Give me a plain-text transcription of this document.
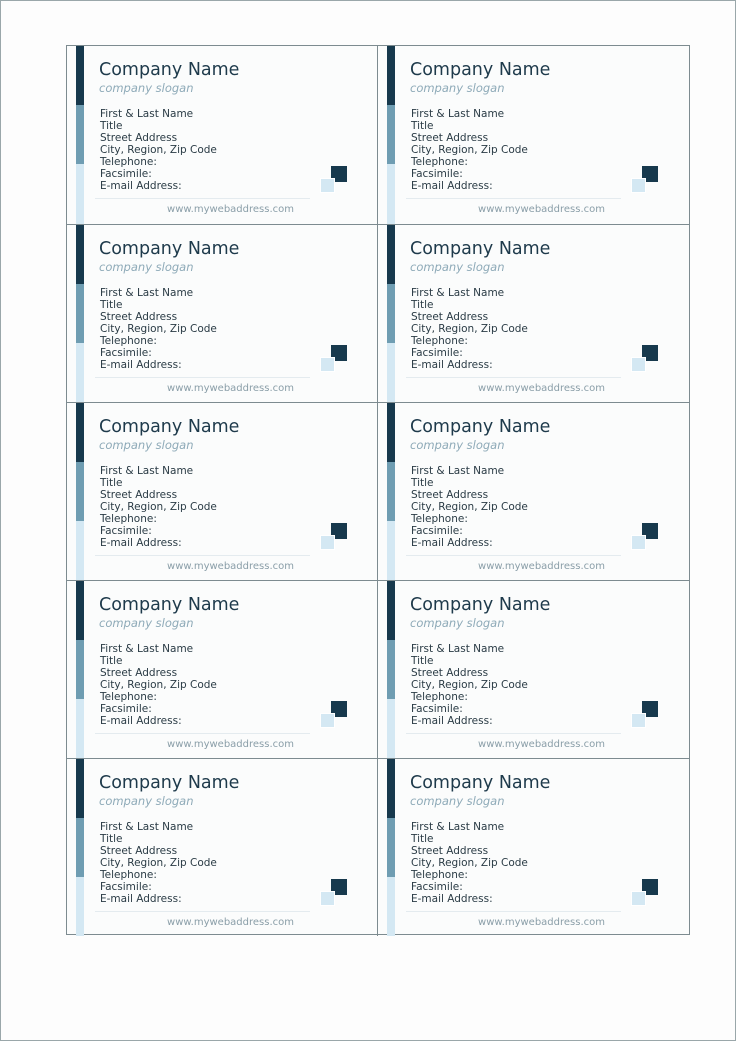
Company Name
company slogan
First & Last Name
Title
Street Address
City, Region, Zip Code
Telephone:
Facsimile:
E-mail Address:
www.mywebaddress.com
Company Name
company slogan
First & Last Name
Title
Street Address
City, Region, Zip Code
Telephone:
Facsimile:
E-mail Address:
www.mywebaddress.com
Company Name
company slogan
First & Last Name
Title
Street Address
City, Region, Zip Code
Telephone:
Facsimile:
E-mail Address:
www.mywebaddress.com
Company Name
company slogan
First & Last Name
Title
Street Address
City, Region, Zip Code
Telephone:
Facsimile:
E-mail Address:
www.mywebaddress.com
Company Name
company slogan
First & Last Name
Title
Street Address
City, Region, Zip Code
Telephone:
Facsimile:
E-mail Address:
www.mywebaddress.com
Company Name
company slogan
First & Last Name
Title
Street Address
City, Region, Zip Code
Telephone:
Facsimile:
E-mail Address:
www.mywebaddress.com
Company Name
company slogan
First & Last Name
Title
Street Address
City, Region, Zip Code
Telephone:
Facsimile:
E-mail Address:
www.mywebaddress.com
Company Name
company slogan
First & Last Name
Title
Street Address
City, Region, Zip Code
Telephone:
Facsimile:
E-mail Address:
www.mywebaddress.com
Company Name
company slogan
First & Last Name
Title
Street Address
City, Region, Zip Code
Telephone:
Facsimile:
E-mail Address:
www.mywebaddress.com
Company Name
company slogan
First & Last Name
Title
Street Address
City, Region, Zip Code
Telephone:
Facsimile:
E-mail Address:
www.mywebaddress.com
